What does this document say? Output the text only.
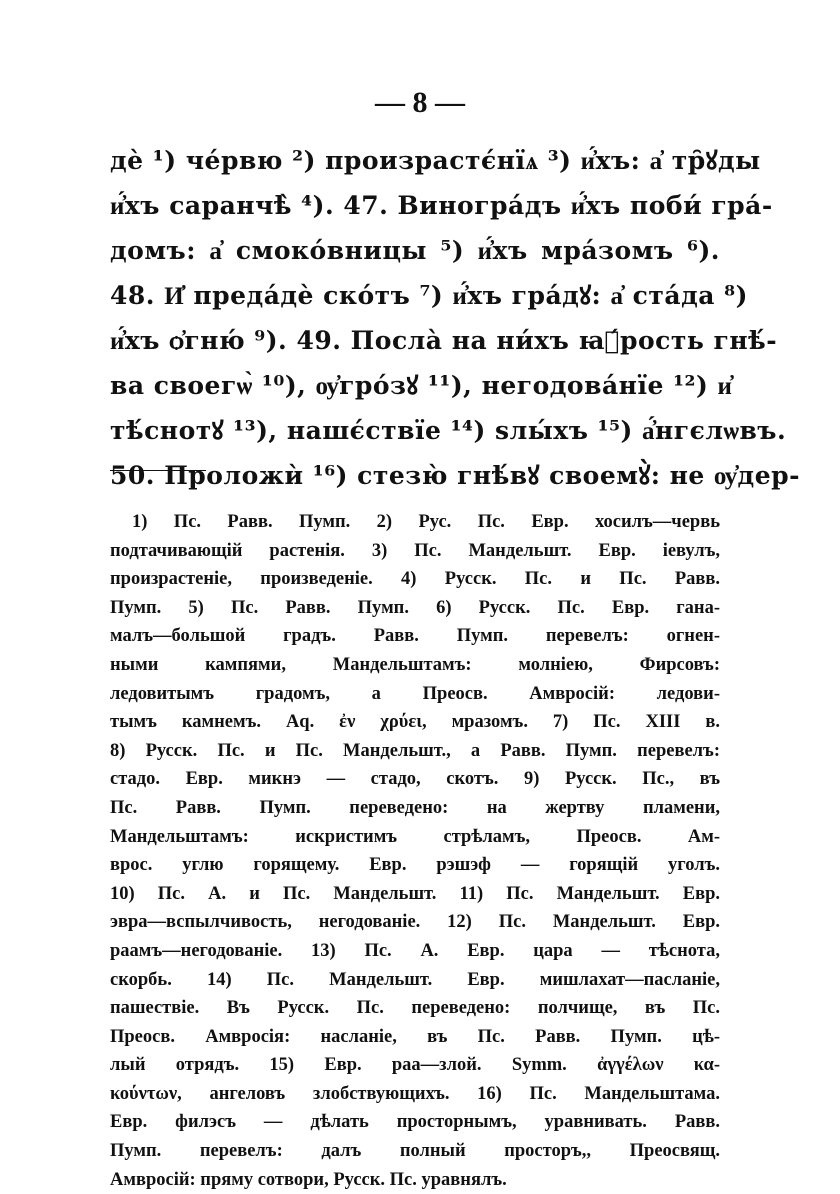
— 8 —
дѐ ¹) че́рвю ²) произрастє́нїѧ ³) и҆́хъ: а҆ тр̑ꙋды
и҆́хъ саранчѣ̀ ⁴). 47. Виногра́дъ и҆́хъ поби́ гра́-
домъ: а҆ смоко́вницы ⁵) и҆́хъ мра́зомъ ⁶).
48. И҆ преда́дѐ ско́тъ ⁷) и҆́хъ гра́дꙋ: а҆ ста́да ⁸)
и҆́хъ ѻ҆гню́ ⁹). 49. Посла̀ на ни́хъ ꙗ҆́рость гнѣ́-
ва своегѡ̀ ¹⁰), ѹ҆гро́зꙋ ¹¹), негодова́нїе ¹²) и҆
тѣ́снотꙋ ¹³), нашє́ствїе ¹⁴) ѕлы́хъ ¹⁵) а҆́нгєлѡвъ.
50. Проложѝ ¹⁶) стезю̀ гнѣ́вꙋ своемꙋ̀: не ѹ҆дер-
1) Пс. Равв. Пумп. 2) Рус. Пс. Евр. хосилъ—червь
подтачивающій растенія. 3) Пс. Мандельшт. Евр. іевулъ,
произрастеніе, произведеніе. 4) Русск. Пс. и Пс. Равв.
Пумп. 5) Пс. Равв. Пумп. 6) Русск. Пс. Евр. ганa-
малъ—большой градъ. Равв. Пумп. перевелъ: огнен-
ными кампями, Мандельштамъ: молніею, Фирсовъ:
ледовитымъ градомъ, а Преосв. Амвросій: ледови-
тымъ камнемъ. Aq. ἐν χρύει, мразомъ. 7) Пс. XIII в.
8) Русск. Пс. и Пс. Мандельшт., а Равв. Пумп. перевелъ:
стадо. Евр. микнэ — стадо, скотъ. 9) Русск. Пс., въ
Пс. Равв. Пумп. переведено: на жертву пламени,
Мандельштамъ: искристимъ стрѣламъ, Преосв. Ам-
врос. углю горящему. Евр. рэшэф — горящій уголъ.
10) Пс. А. и Пс. Мандельшт. 11) Пс. Мандельшт. Евр.
эвра—вспылчивость, негодованіе. 12) Пс. Мандельшт. Евр.
раамъ—негодованіе. 13) Пс. А. Евр. цара — тѣснота,
скорбь. 14) Пс. Мандельшт. Евр. мишлахат—пасланіе,
пашествіе. Въ Русск. Пс. переведено: полчище, въ Пс.
Преосв. Амвросія: насланіе, въ Пс. Равв. Пумп. цѣ-
лый отрядъ. 15) Евр. раа—злой. Symm. ἀγγέλων κα-
κούντων, ангеловъ злобствующихъ. 16) Пс. Мандельштама.
Евр. филэсъ — дѣлать просторнымъ, уравнивать. Равв.
Пумп. перевелъ: далъ полный просторъ,, Преосвящ.
Амвросій: пряму сотвори, Русск. Пс. уравнялъ.
